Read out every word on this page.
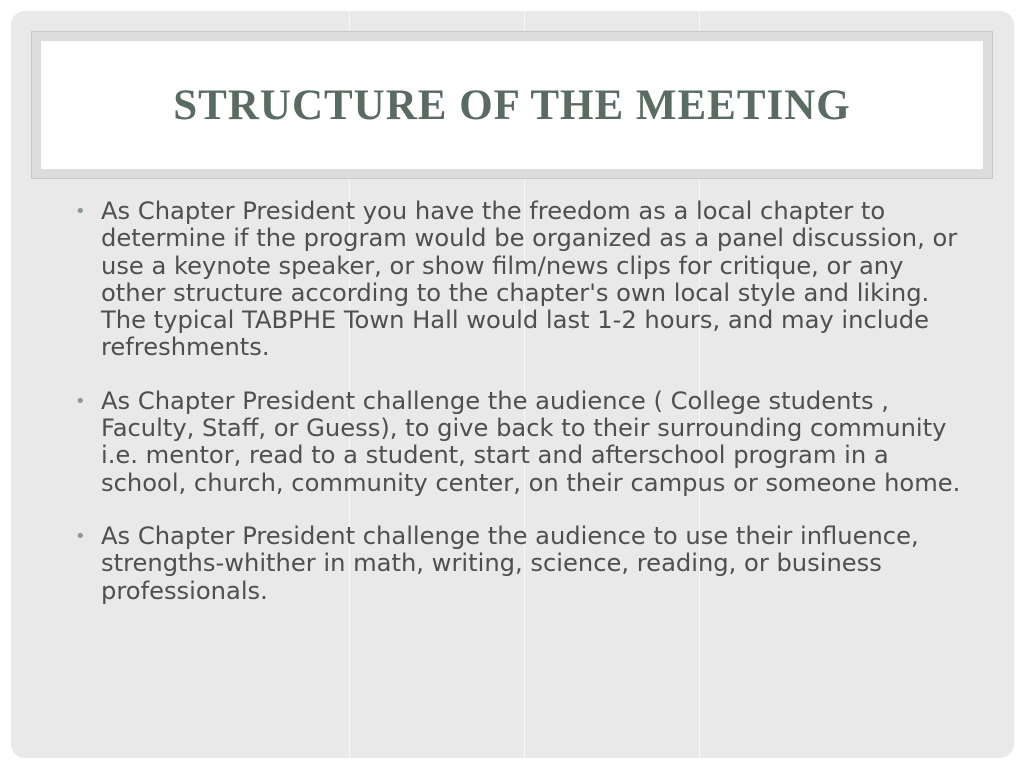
STRUCTURE OF THE MEETING
• As Chapter President you have the freedom as a local chapter to determine if the program would be organized as a panel discussion, or use a keynote speaker, or show film/news clips for critique, or any other structure according to the chapter's own local style and liking. The typical TABPHE Town Hall would last 1-2 hours, and may include refreshments.
• As Chapter President challenge the audience ( College students , Faculty, Staff, or Guess), to give back to their surrounding community i.e. mentor, read to a student, start and afterschool program in a school, church, community center, on their campus or someone home.
• As Chapter President challenge the audience to use their influence, strengths-whither in math, writing, science, reading, or business professionals.
